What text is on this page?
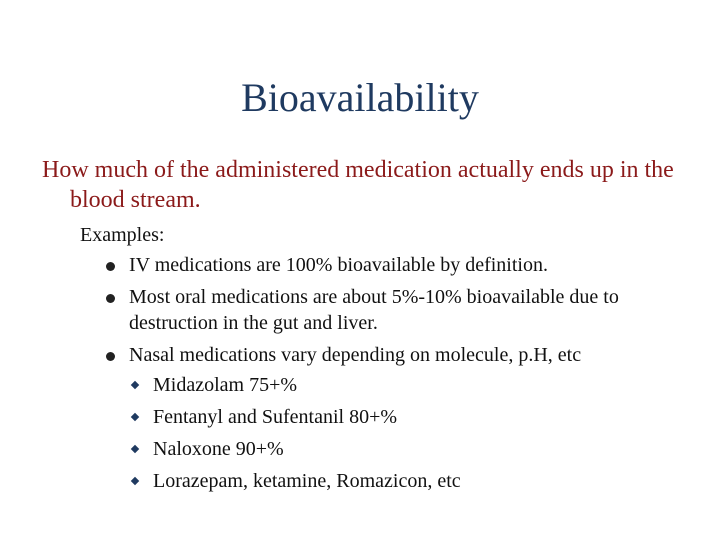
Bioavailability

How much of the administered medication actually ends up in the blood stream.

Examples:

IV medications are 100% bioavailable by definition.
Most oral medications are about 5%-10% bioavailable due to destruction in the gut and liver.
Nasal medications vary depending on molecule, p.H, etc
Midazolam 75+%
Fentanyl and Sufentanil 80+%
Naloxone 90+%
Lorazepam, ketamine, Romazicon, etc
